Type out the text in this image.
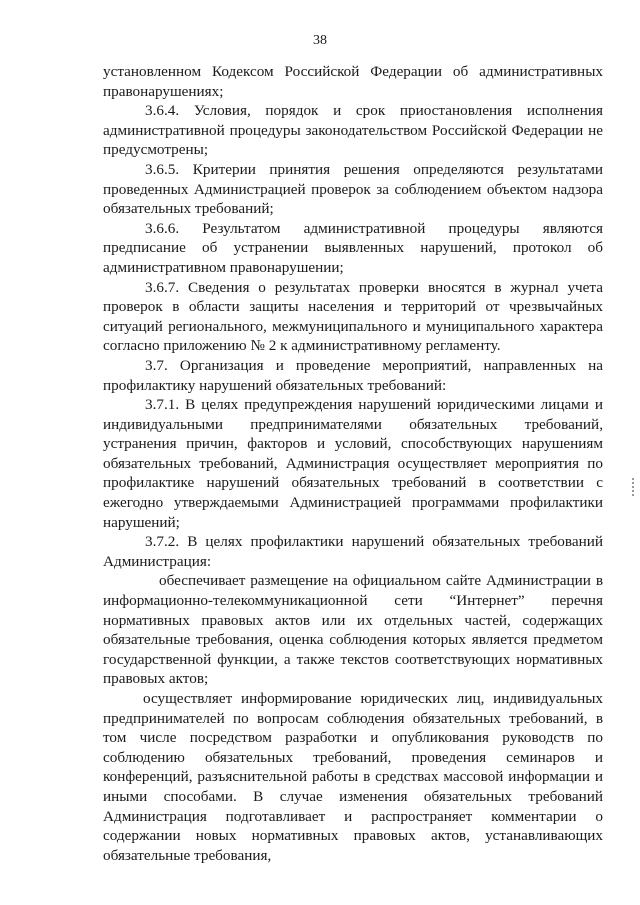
38

установленном Кодексом Российской Федерации об административных правонарушениях;

3.6.4. Условия, порядок и срок приостановления исполнения административной процедуры законодательством Российской Федерации не предусмотрены;

3.6.5. Критерии принятия решения определяются результатами проведенных Администрацией проверок за соблюдением объектом надзора обязательных требований;

3.6.6. Результатом административной процедуры являются предписание об устранении выявленных нарушений, протокол об административном правонарушении;

3.6.7. Сведения о результатах проверки вносятся в журнал учета проверок в области защиты населения и территорий от чрезвычайных ситуаций регионального, межмуниципального и муниципального характера согласно приложению № 2 к административному регламенту.

3.7. Организация и проведение мероприятий, направленных на профилактику нарушений обязательных требований:

3.7.1. В целях предупреждения нарушений юридическими лицами и индивидуальными предпринимателями обязательных требований, устранения причин, факторов и условий, способствующих нарушениям обязательных требований, Администрация осуществляет мероприятия по профилактике нарушений обязательных требований в соответствии с ежегодно утверждаемыми Администрацией программами профилактики нарушений;

3.7.2. В целях профилактики нарушений обязательных требований Администрация:

обеспечивает размещение на официальном сайте Администрации в информационно-телекоммуникационной сети “Интернет” перечня нормативных правовых актов или их отдельных частей, содержащих обязательные требования, оценка соблюдения которых является предметом государственной функции, а также текстов соответствующих нормативных правовых актов;

осуществляет информирование юридических лиц, индивидуальных предпринимателей по вопросам соблюдения обязательных требований, в том числе посредством разработки и опубликования руководств по соблюдению обязательных требований, проведения семинаров и конференций, разъяснительной работы в средствах массовой информации и иными способами. В случае изменения обязательных требований Администрация подготавливает и распространяет комментарии о содержании новых нормативных правовых актов, устанавливающих обязательные требования,
